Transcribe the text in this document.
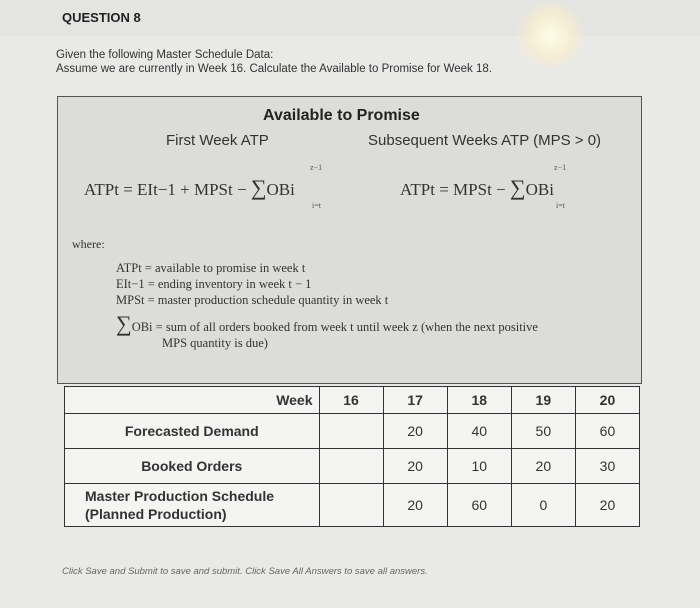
QUESTION 8
Given the following Master Schedule Data:
Assume we are currently in Week 16. Calculate the Available to Promise for Week 18.
Available to Promise
First Week ATP	Subsequent Weeks ATP (MPS > 0)
ATPt = EIt−1 + MPSt − ∑OBi
z−1
i=t
ATPt = MPSt − ∑OBi
z−1
i=t
where:
ATPt = available to promise in week t
EIt−1 = ending inventory in week t − 1
MPSt = master production schedule quantity in week t
∑OBi = sum of all orders booked from week t until week z (when the next positive
MPS quantity is due)
Week	16	17	18	19	20
Forecasted Demand		20	40	50	60
Booked Orders		20	10	20	30

Master Production Schedule
(Planned Production)		20	60	0	20
Click Save and Submit to save and submit. Click Save All Answers to save all answers.
